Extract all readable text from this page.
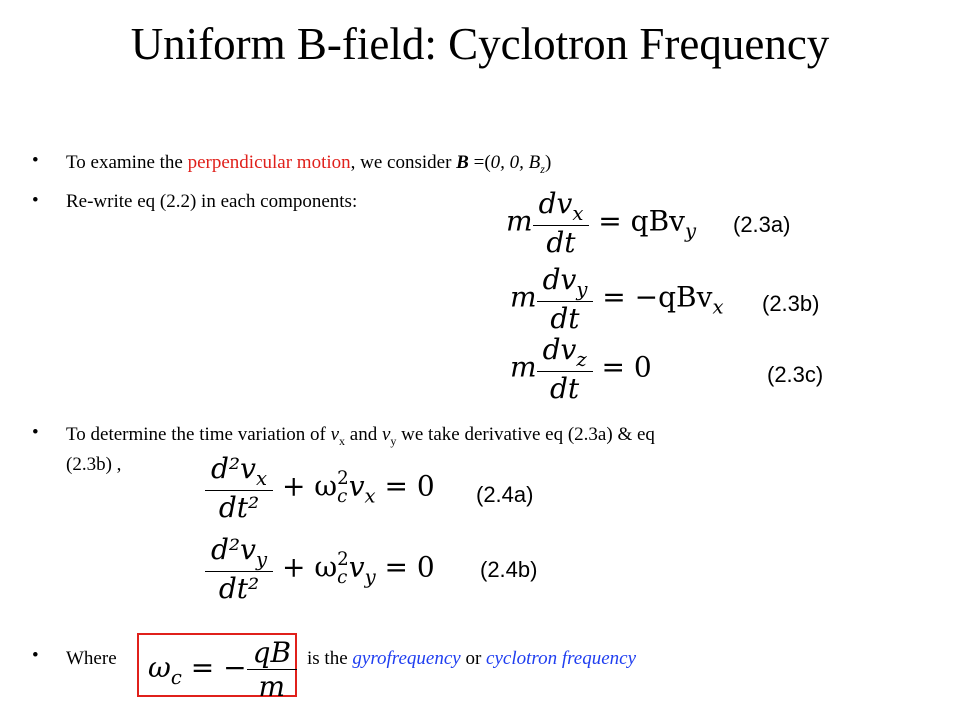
Uniform B-field: Cyclotron Frequency
• To examine the perpendicular motion, we consider B =(0, 0, $B_z$)
• Re-write eq (2.2) in each components:
m $\frac{dv_x}{dt} = qBv_y$ (2.3a)
m $\frac{dv_y}{dt} = -qBv_x$ (2.3b)
m $\frac{dv_z}{dt} = 0$	(2.3c)
• To determine the time variation of $v_x$ and $v_y$ we take derivative eq (2.3a) & eq
(2.3b) ,	$\frac{d^2v_x}{\text{dt²}} + \omega$ 2
c $v_x = 0$ (2.4a)
$\frac{d^2v_y}{\text{dt²}} + \omega$ 2
c $v_y = 0$ (2.4b)
• Where $\omega_c$ = − $\frac{qB}{m}$ is the gyrofrequency or cyclotron frequency
